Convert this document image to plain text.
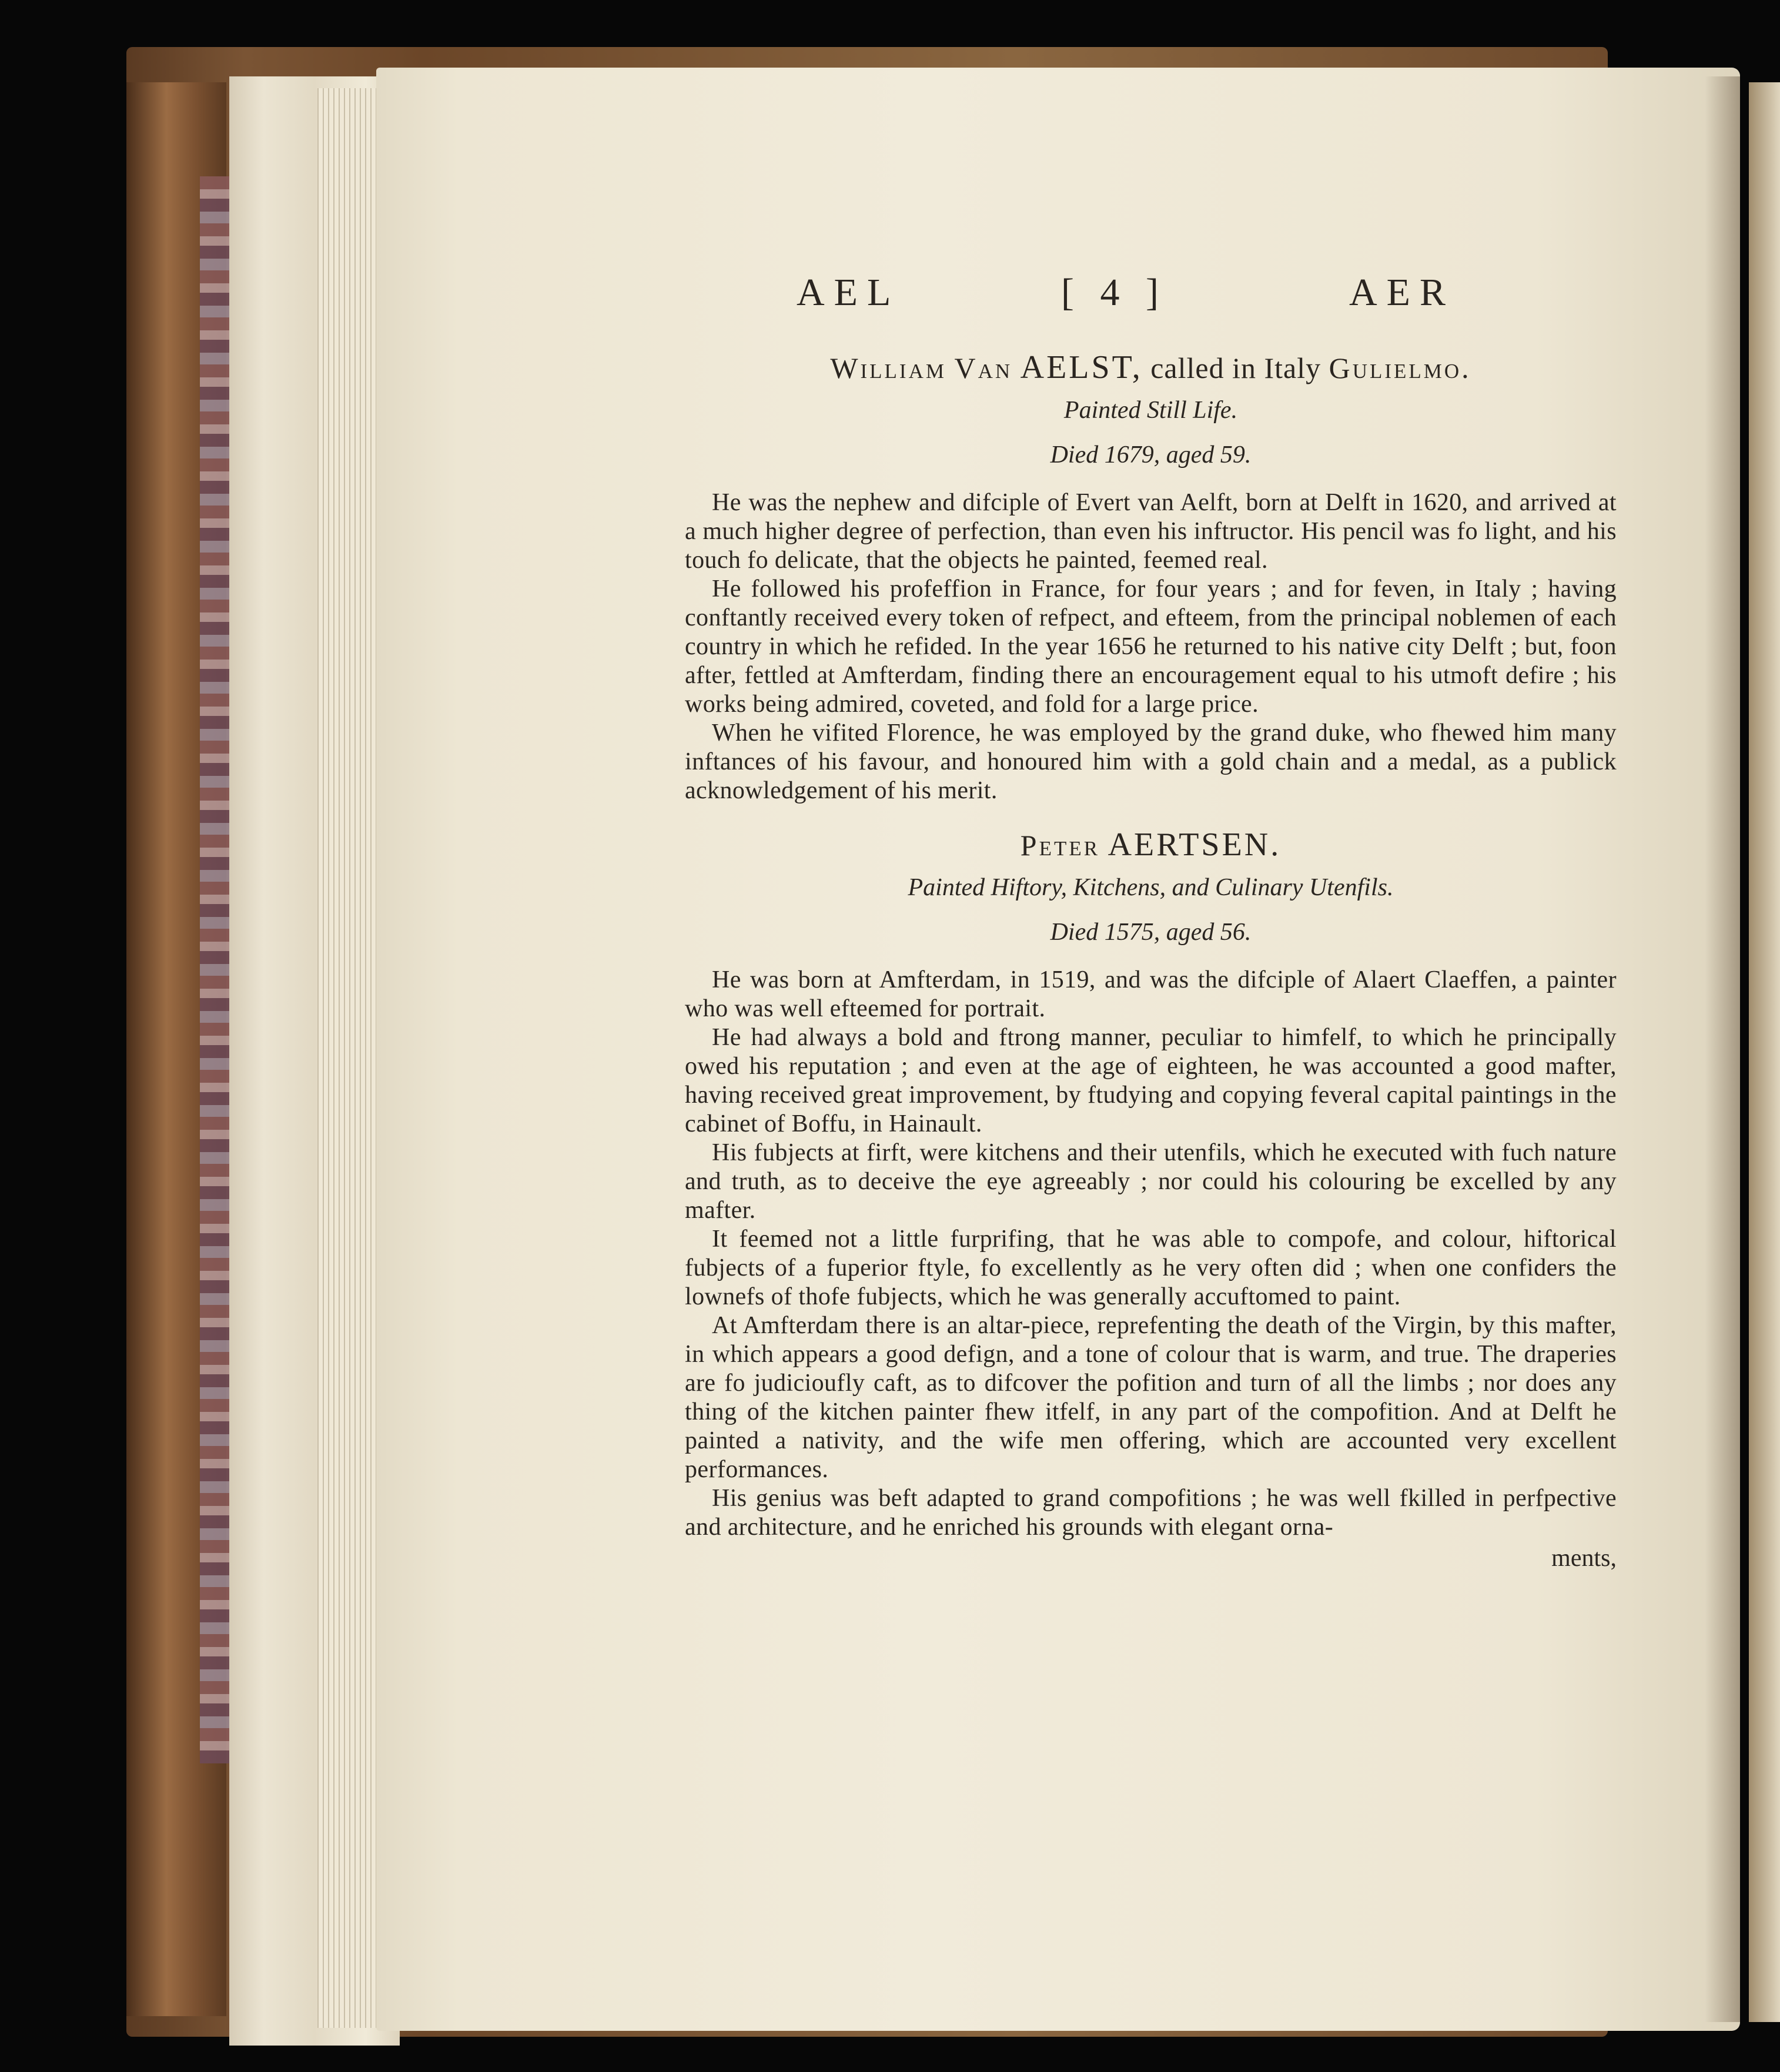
AEL	[ 4 ]	AER
William Van AELST, called in Italy Gulielmo.
Painted Still Life.
Died 1679, aged 59.

He was the nephew and difciple of Evert van Aelft, born at Delft in 1620, and arrived at a much higher degree of perfection, than even his inftructor. His pencil was fo light, and his touch fo delicate, that the objects he painted, feemed real.

He followed his profeffion in France, for four years ; and for feven, in Italy ; having conftantly received every token of refpect, and efteem, from the principal noblemen of each country in which he refided. In the year 1656 he returned to his native city Delft ; but, foon after, fettled at Amfterdam, finding there an encouragement equal to his utmoft defire ; his works being admired, coveted, and fold for a large price.

When he vifited Florence, he was employed by the grand duke, who fhewed him many inftances of his favour, and honoured him with a gold chain and a medal, as a publick acknowledgement of his merit.

Peter AERTSEN.
Painted Hiftory, Kitchens, and Culinary Utenfils.
Died 1575, aged 56.

He was born at Amfterdam, in 1519, and was the difciple of Alaert Claeffen, a painter who was well efteemed for portrait.

He had always a bold and ftrong manner, peculiar to himfelf, to which he principally owed his reputation ; and even at the age of eighteen, he was accounted a good mafter, having received great improvement, by ftudying and copying feveral capital paintings in the cabinet of Boffu, in Hainault.

His fubjects at firft, were kitchens and their utenfils, which he executed with fuch nature and truth, as to deceive the eye agreeably ; nor could his colouring be excelled by any mafter.

It feemed not a little furprifing, that he was able to compofe, and colour, hiftorical fubjects of a fuperior ftyle, fo excellently as he very often did ; when one confiders the lownefs of thofe fubjects, which he was generally accuftomed to paint.

At Amfterdam there is an altar-piece, reprefenting the death of the Virgin, by this mafter, in which appears a good defign, and a tone of colour that is warm, and true. The draperies are fo judicioufly caft, as to difcover the pofition and turn of all the limbs ; nor does any thing of the kitchen painter fhew itfelf, in any part of the compofition. And at Delft he painted a nativity, and the wife men offering, which are accounted very excellent performances.

His genius was beft adapted to grand compofitions ; he was well fkilled in perfpective and architecture, and he enriched his grounds with elegant orna-

ments,
